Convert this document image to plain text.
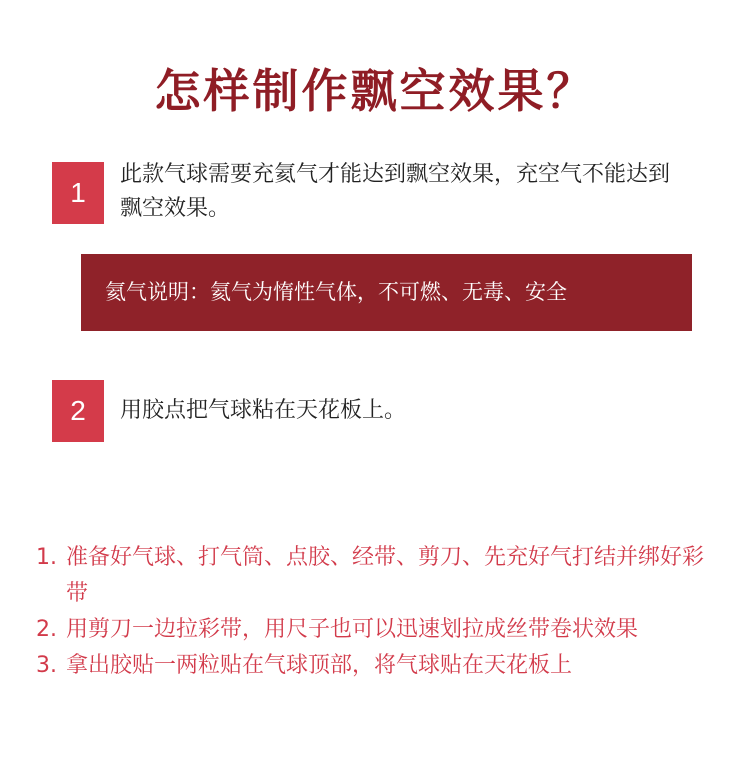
怎样制作飘空效果？
1
此款气球需要充氦气才能达到飘空效果，充空气不能达到飘空效果。
氦气说明：氦气为惰性气体，不可燃、无毒、安全
2	用胶点把气球粘在天花板上。
1. 准备好气球、打气筒、点胶、经带、剪刀、先充好气打结并绑好彩带
2. 用剪刀一边拉彩带，用尺子也可以迅速划拉成丝带卷状效果
3. 拿出胶贴一两粒贴在气球顶部，将气球贴在天花板上
